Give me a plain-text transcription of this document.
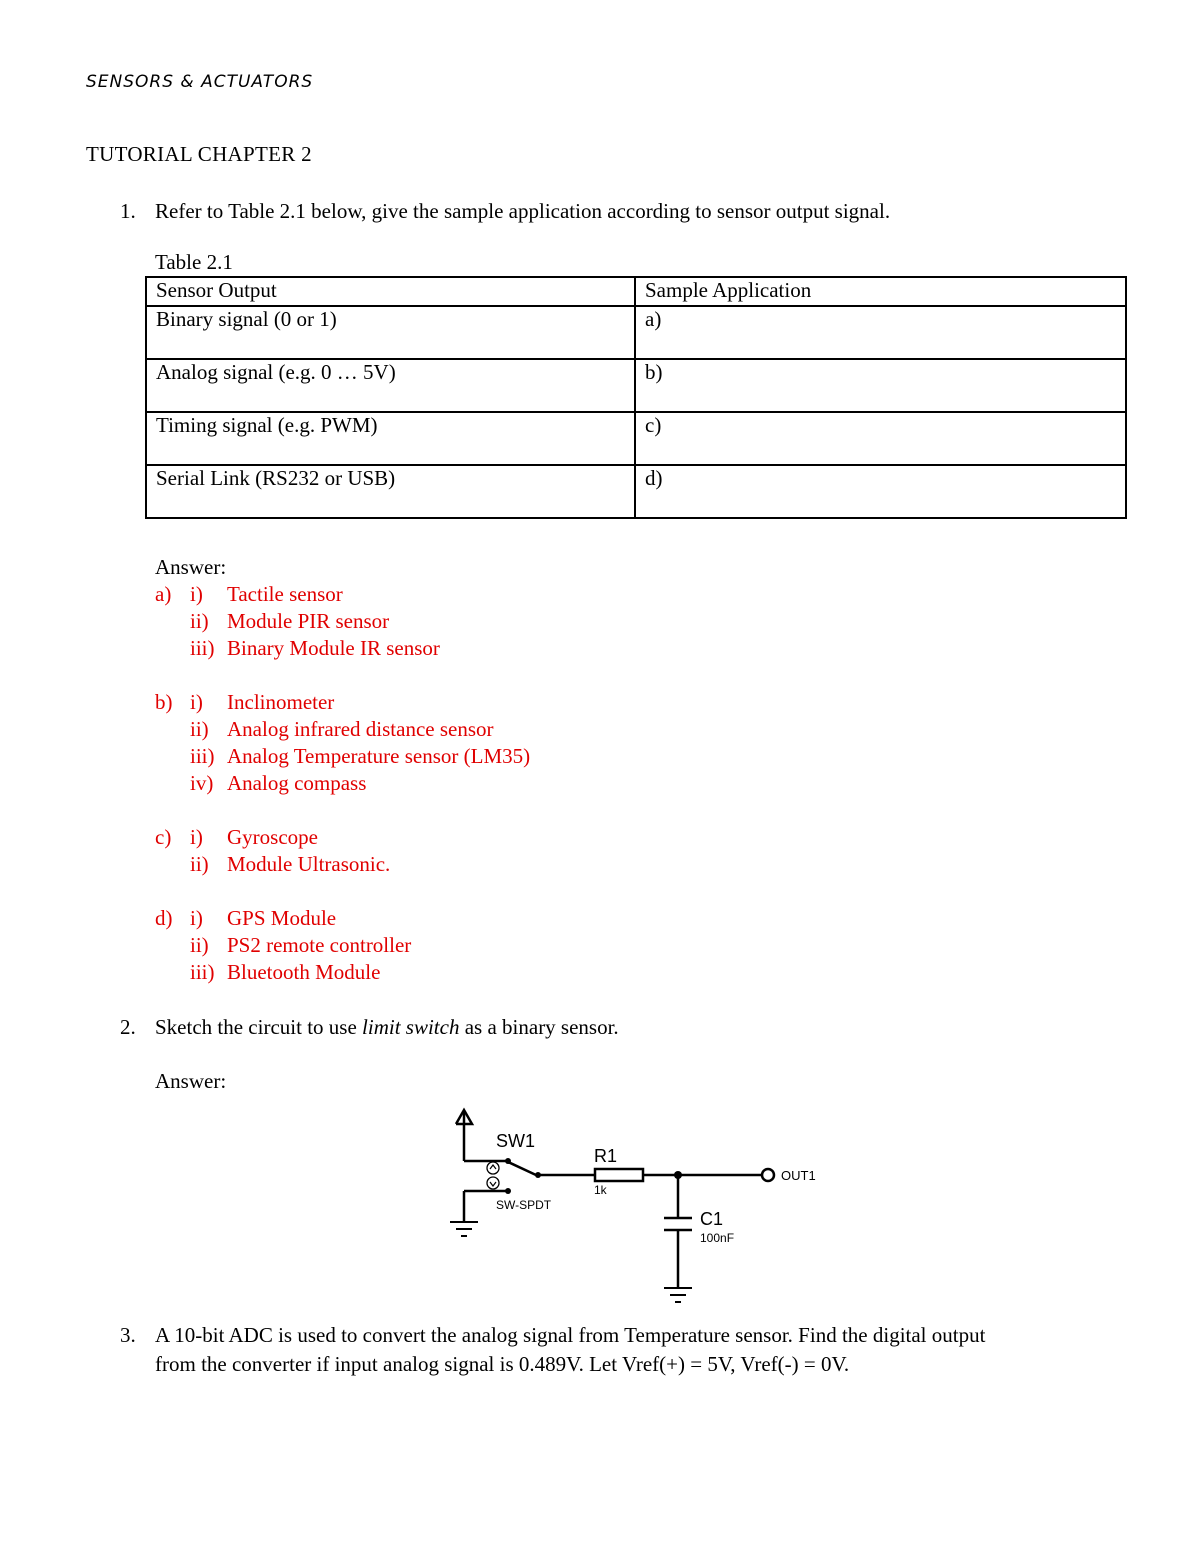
SENSORS & ACTUATORS
TUTORIAL CHAPTER 2
1. Refer to Table 2.1 below, give the sample application according to sensor output signal.
Table 2.1
Sensor Output	Sample Application
Binary signal (0 or 1)	a)
Analog signal (e.g. 0 … 5V)	b)
Timing signal (e.g. PWM)	c)
Serial Link (RS232 or USB)	d)
Answer:
a) i) Tactile sensor
ii) Module PIR sensor
iii) Binary Module IR sensor
b) i) Inclinometer
ii) Analog infrared distance sensor
iii) Analog Temperature sensor (LM35)
iv) Analog compass
c) i) Gyroscope
ii) Module Ultrasonic.
d) i) GPS Module
ii) PS2 remote controller
iii) Bluetooth Module
2. Sketch the circuit to use limit switch as a binary sensor.
Answer:
SW1
SW-SPDT
R1
1k
C1
100nF
OUT1
3. A 10-bit ADC is used to convert the analog signal from Temperature sensor. Find the digital output
from the converter if input analog signal is 0.489V. Let Vref(+) = 5V, Vref(-) = 0V.
